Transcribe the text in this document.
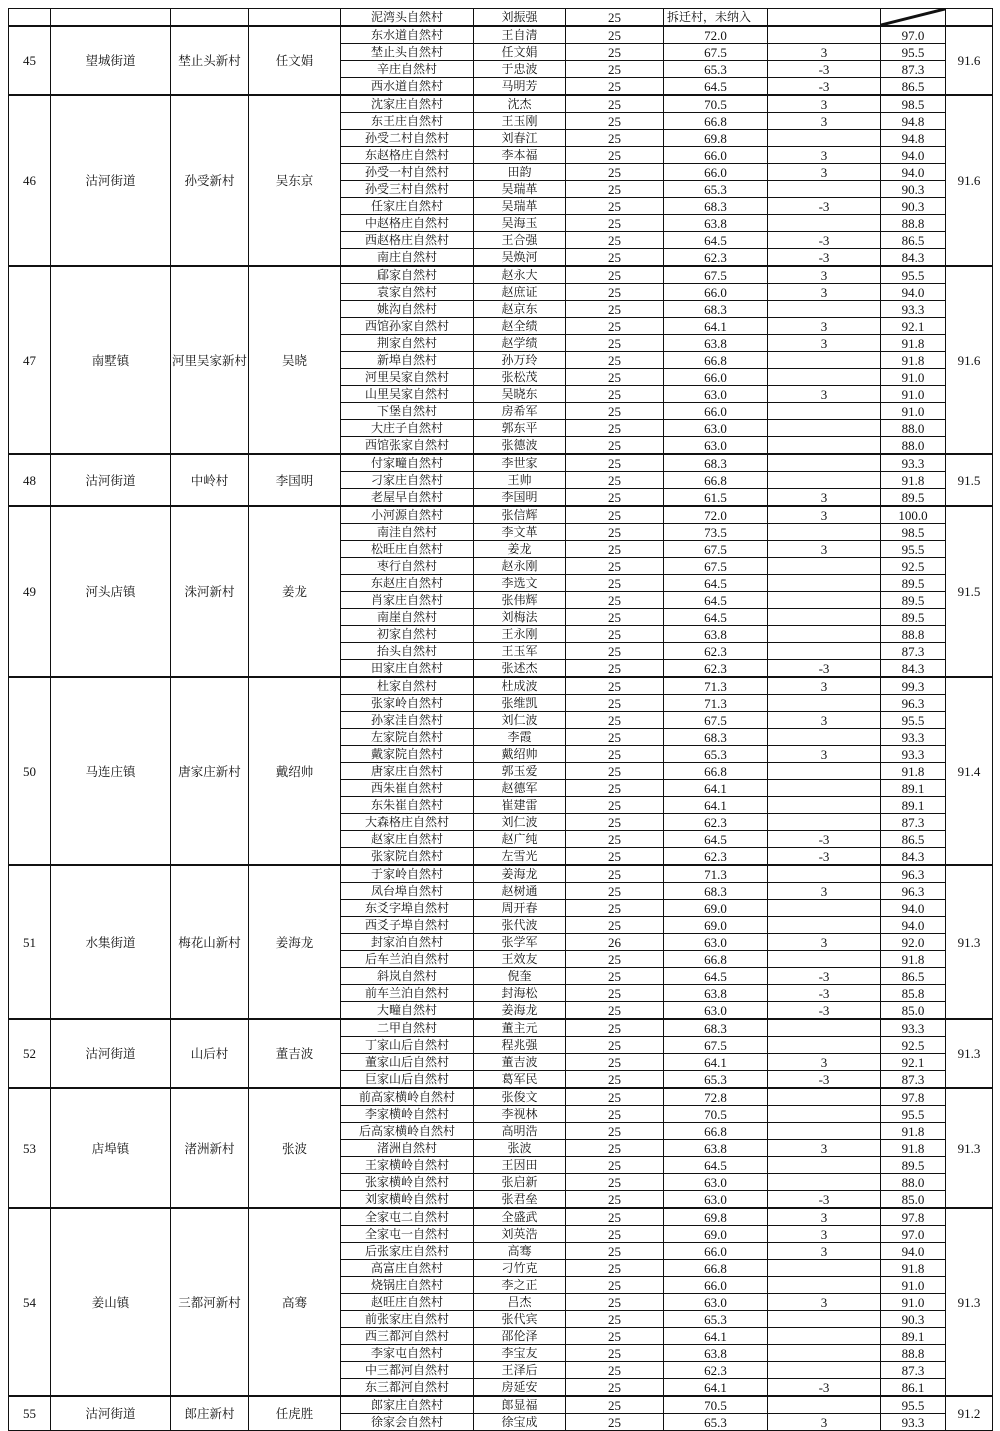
				泥湾头自然村	刘振强	25	拆迁村，未纳入		

45	望城街道	埜止头新村	任文娟	东水道自然村	王自清	25	72.0		97.0	91.6
				埜止头自然村	任文娟	25	67.5	3	95.5	
				辛庄自然村	于忠波	25	65.3	-3	87.3	
				西水道自然村	马明芳	25	64.5	-3	86.5	
46	沽河街道	孙受新村	吴东京	沈家庄自然村	沈杰	25	70.5	3	98.5	91.6
				东王庄自然村	王玉刚	25	66.8	3	94.8	
				孙受二村自然村	刘春江	25	69.8		94.8	
				东赵格庄自然村	李本福	25	66.0	3	94.0	
				孙受一村自然村	田韵	25	66.0	3	94.0	
				孙受三村自然村	吴瑞革	25	65.3		90.3	
				任家庄自然村	吴瑞革	25	68.3	-3	90.3	
				中赵格庄自然村	吴海玉	25	63.8		88.8	
				西赵格庄自然村	王合强	25	64.5	-3	86.5	
				南庄自然村	吴焕河	25	62.3	-3	84.3	
47	南墅镇	河里吴家新村	吴晓	郈家自然村	赵永大	25	67.5	3	95.5	91.6
				袁家自然村	赵庶证	25	66.0	3	94.0	
				姚沟自然村	赵京东	25	68.3		93.3	
				西馆孙家自然村	赵全绩	25	64.1	3	92.1	
				荆家自然村	赵学绩	25	63.8	3	91.8	
				新埠自然村	孙万玲	25	66.8		91.8	
				河里吴家自然村	张松茂	25	66.0		91.0	
				山里吴家自然村	吴晓东	25	63.0	3	91.0	
				下堡自然村	房希军	25	66.0		91.0	
				大庄子自然村	郭东平	25	63.0		88.0	
				西馆张家自然村	张德波	25	63.0		88.0	
48	沽河街道	中岭村	李国明	付家疃自然村	李世家	25	68.3		93.3	91.5
				刁家庄自然村	王帅	25	66.8		91.8	
				老屋早自然村	李国明	25	61.5	3	89.5	
49	河头店镇	洙河新村	姜龙	小河源自然村	张信辉	25	72.0	3	100.0	91.5
				南洼自然村	李文革	25	73.5		98.5	
				松旺庄自然村	姜龙	25	67.5	3	95.5	
				枣行自然村	赵永刚	25	67.5		92.5	
				东赵庄自然村	李选文	25	64.5		89.5	
				肖家庄自然村	张伟辉	25	64.5		89.5	
				南崖自然村	刘梅法	25	64.5		89.5	
				初家自然村	王永刚	25	63.8		88.8	
				抬头自然村	王玉军	25	62.3		87.3	
				田家庄自然村	张述杰	25	62.3	-3	84.3	
50	马连庄镇	唐家庄新村	戴绍帅	杜家自然村	杜成波	25	71.3	3	99.3	91.4
				张家岭自然村	张维凯	25	71.3		96.3	
				孙家洼自然村	刘仁波	25	67.5	3	95.5	
				左家院自然村	李霞	25	68.3		93.3	
				戴家院自然村	戴绍帅	25	65.3	3	93.3	
				唐家庄自然村	郭玉爱	25	66.8		91.8	
				西朱崔自然村	赵德军	25	64.1		89.1	
				东朱崔自然村	崔建雷	25	64.1		89.1	
				大森格庄自然村	刘仁波	25	62.3		87.3	
				赵家庄自然村	赵广纯	25	64.5	-3	86.5	
				张家院自然村	左雪光	25	62.3	-3	84.3	
51	水集街道	梅花山新村	姜海龙	于家岭自然村	姜海龙	25	71.3		96.3	91.3
				凤台埠自然村	赵树通	25	68.3	3	96.3	
				东爻字埠自然村	周开春	25	69.0		94.0	
				西爻子埠自然村	张代波	25	69.0		94.0	
				封家泊自然村	张学军	26	63.0	3	92.0	
				后车兰泊自然村	王效友	25	66.8		91.8	
				斜岚自然村	倪奎	25	64.5	-3	86.5	
				前车兰泊自然村	封海松	25	63.8	-3	85.8	
				大疃自然村	姜海龙	25	63.0	-3	85.0	
52	沽河街道	山后村	董吉波	二甲自然村	董主元	25	68.3		93.3	91.3
				丁家山后自然村	程兆强	25	67.5		92.5	
				董家山后自然村	董吉波	25	64.1	3	92.1	
				巨家山后自然村	葛军民	25	65.3	-3	87.3	
53	店埠镇	渚洲新村	张波	前高家横岭自然村	张俊文	25	72.8		97.8	91.3
				李家横岭自然村	李视林	25	70.5		95.5	
				后高家横岭自然村	高明浩	25	66.8		91.8	
				渚洲自然村	张波	25	63.8	3	91.8	
				王家横岭自然村	王因田	25	64.5		89.5	
				张家横岭自然村	张启新	25	63.0		88.0	
				刘家横岭自然村	张君垒	25	63.0	-3	85.0	
54	姜山镇	三都河新村	高骞	全家屯二自然村	全盛武	25	69.8	3	97.8	91.3
				全家屯一自然村	刘英浩	25	69.0	3	97.0	
				后张家庄自然村	高骞	25	66.0	3	94.0	
				高富庄自然村	刁竹克	25	66.8		91.8	
				烧锅庄自然村	李之正	25	66.0		91.0	
				赵旺庄自然村	吕杰	25	63.0	3	91.0	
				前张家庄自然村	张代宾	25	65.3		90.3	
				西三都河自然村	邵伦泽	25	64.1		89.1	
				李家屯自然村	李宝友	25	63.8		88.8	
				中三都河自然村	王泽后	25	62.3		87.3	
				东三都河自然村	房延安	25	64.1	-3	86.1	
55	沽河街道	郎庄新村	任虎胜	郎家庄自然村	郎显福	25	70.5		95.5	91.2
				徐家会自然村	徐宝成	25	65.3	3	93.3	
